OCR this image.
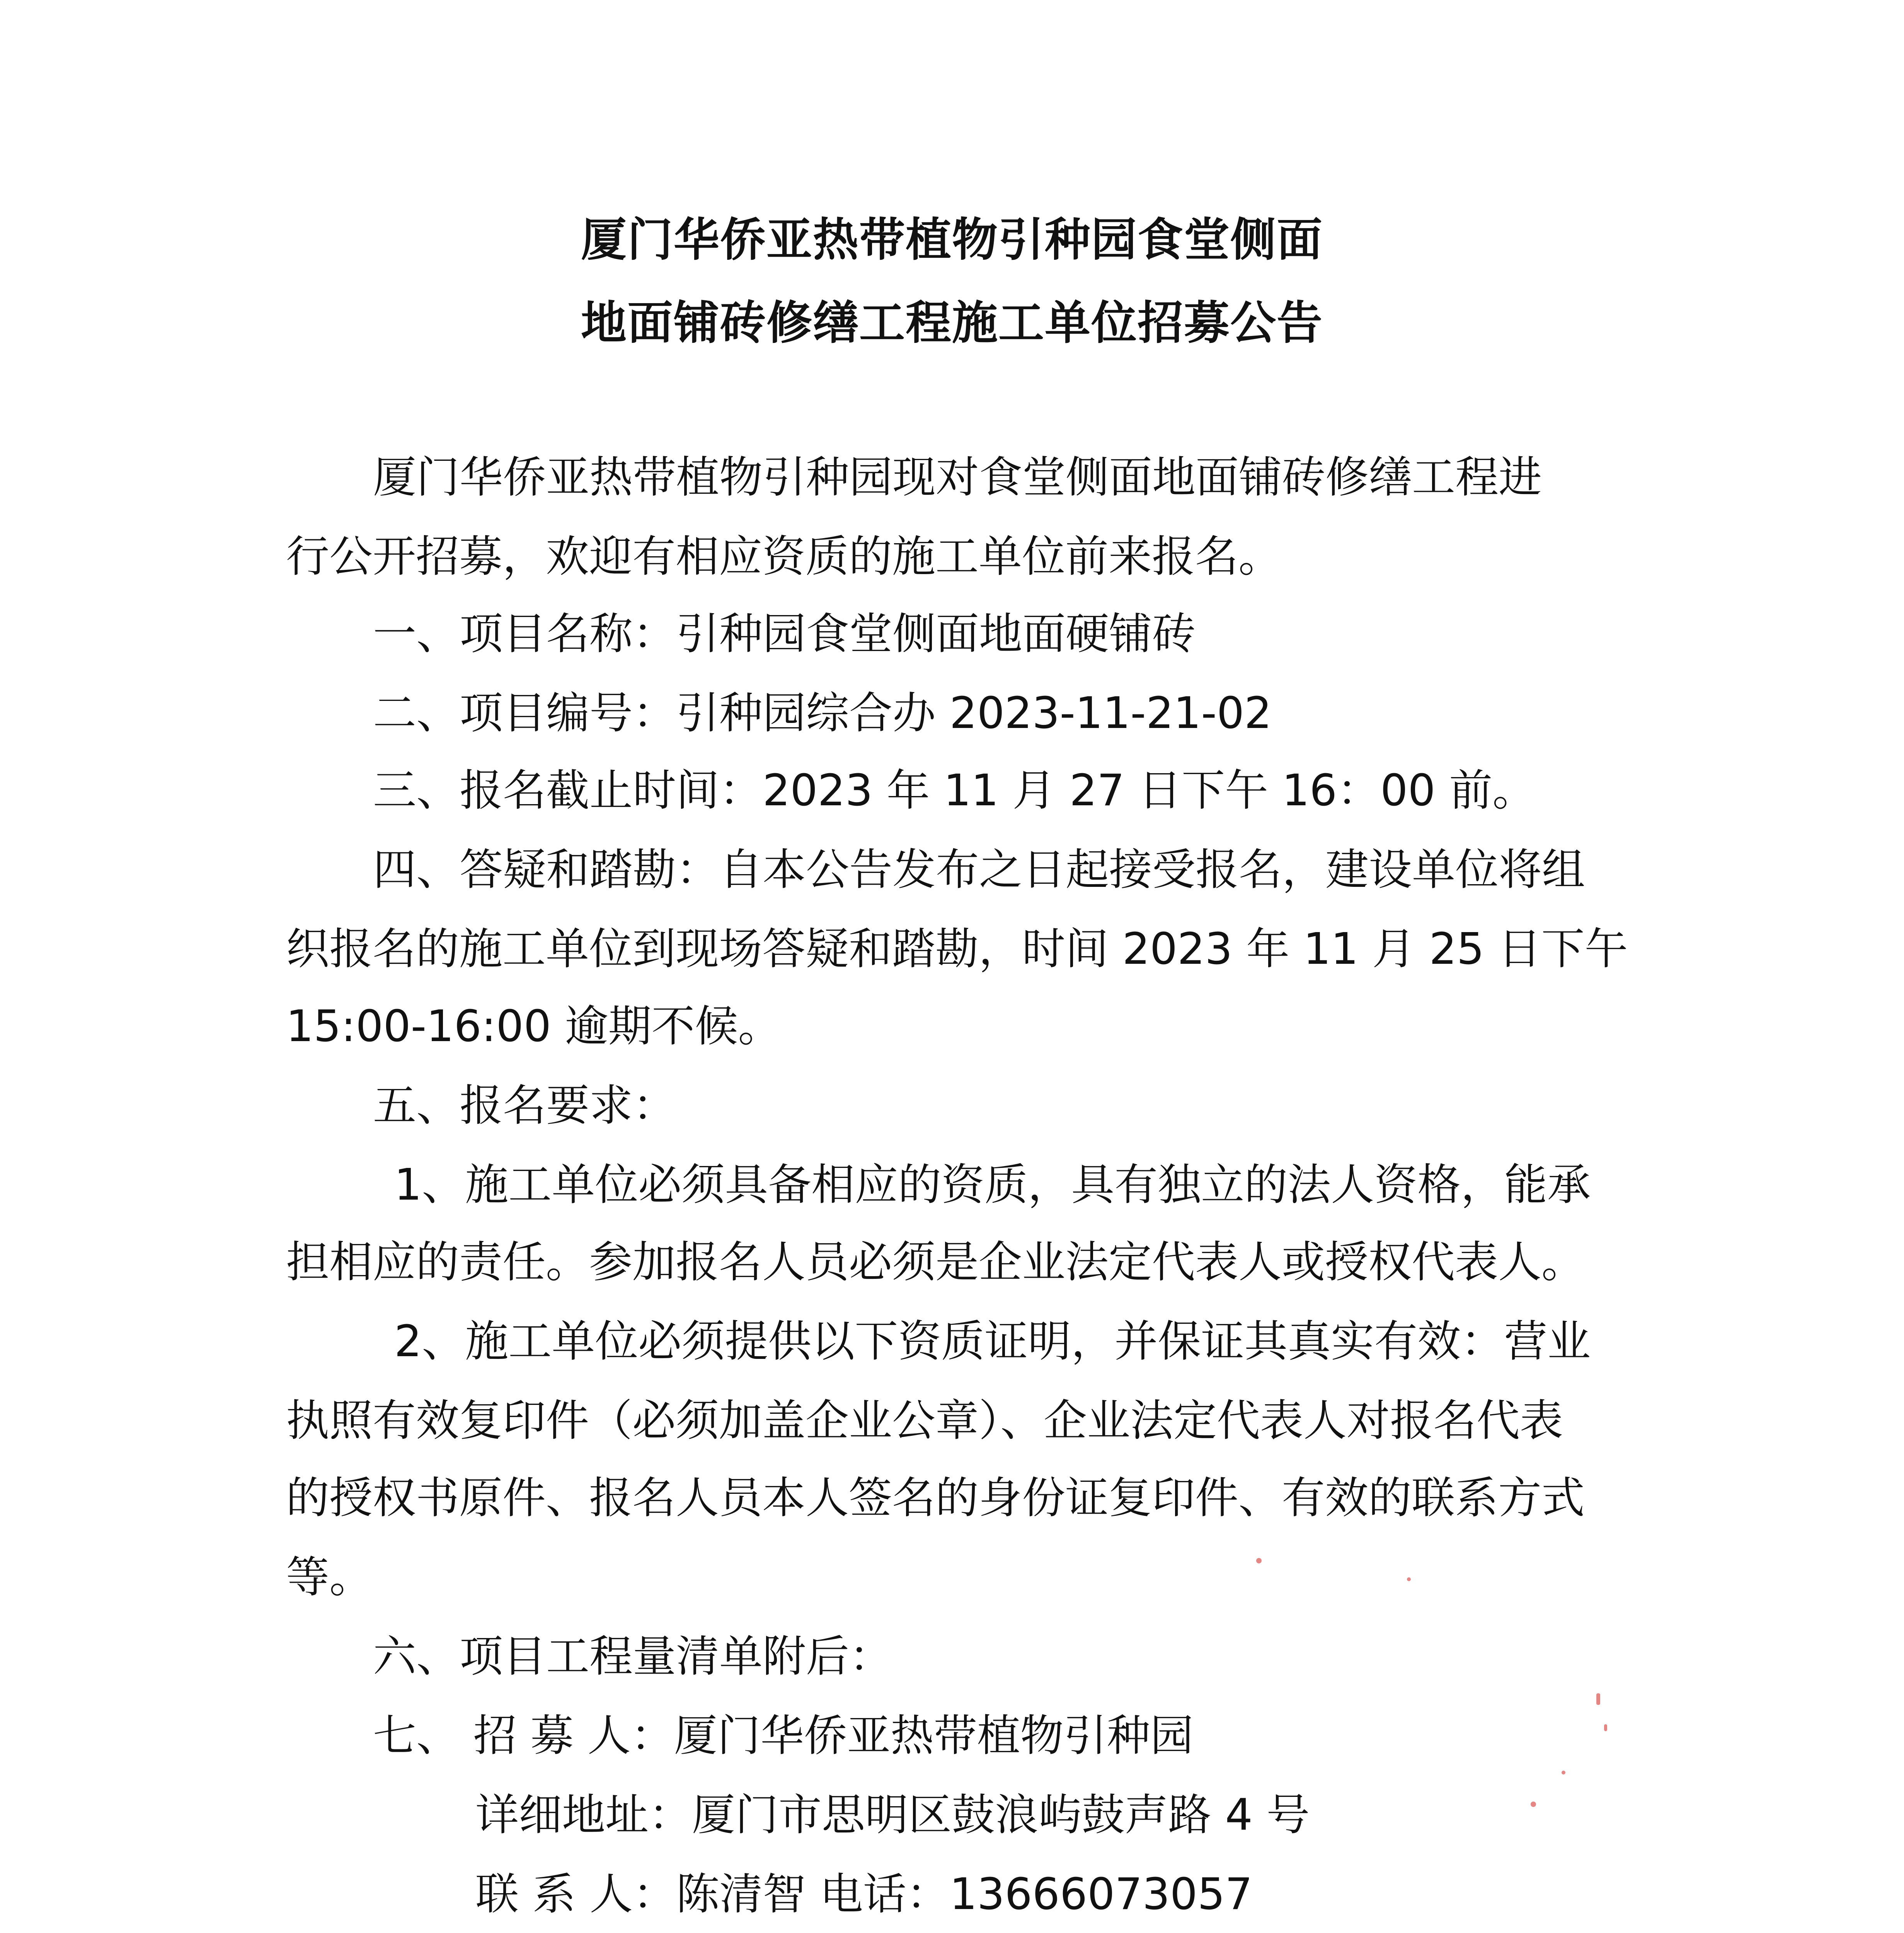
厦门华侨亚热带植物引种园食堂侧面
地面铺砖修缮工程施工单位招募公告
厦门华侨亚热带植物引种园现对食堂侧面地面铺砖修缮工程进
行公开招募，欢迎有相应资质的施工单位前来报名。
一、项目名称：引种园食堂侧面地面硬铺砖
二、项目编号：引种园综合办 2023-11-21-02
三、报名截止时间：2023 年 11 月 27 日下午 16：00 前。
四、答疑和踏勘：自本公告发布之日起接受报名，建设单位将组
织报名的施工单位到现场答疑和踏勘，时间 2023 年 11 月 25 日下午
15:00-16:00 逾期不候。
五、报名要求：
1、施工单位必须具备相应的资质，具有独立的法人资格，能承
担相应的责任。参加报名人员必须是企业法定代表人或授权代表人。
2、施工单位必须提供以下资质证明，并保证其真实有效：营业
执照有效复印件（必须加盖企业公章）、企业法定代表人对报名代表
的授权书原件、报名人员本人签名的身份证复印件、有效的联系方式
等。
六、项目工程量清单附后：
七、 招 募 人：厦门华侨亚热带植物引种园
详细地址：厦门市思明区鼓浪屿鼓声路 4 号
联 系 人：陈清智 电话：13666073057
